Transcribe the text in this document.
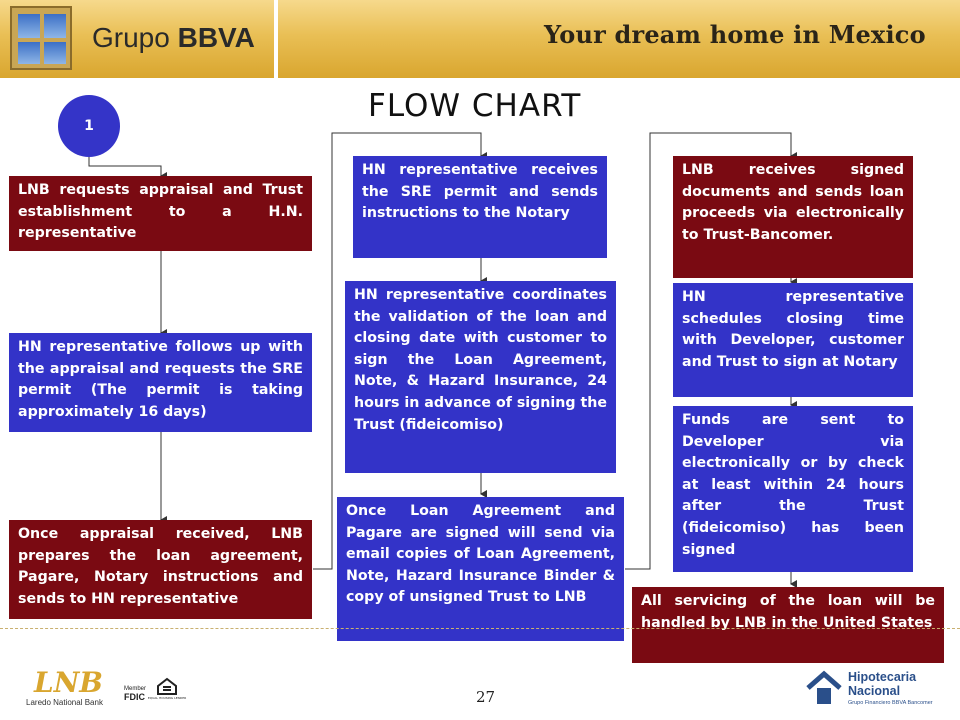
Grupo BBVA	Your dream home in Mexico
FLOW CHART
1
LNB requests appraisal and Trust establishment to a H.N. representative
HN representative follows up with the appraisal and requests the SRE permit (The permit is taking approximately 16 days)
Once appraisal received, LNB prepares the loan agreement, Pagare, Notary instructions and sends to HN representative
HN representative receives the SRE permit and sends instructions to the Notary
HN representative coordinates the validation of the loan and closing date with customer to sign the Loan Agreement, Note, & Hazard Insurance, 24 hours in advance of signing the Trust (fideicomiso)
Once Loan Agreement and Pagare are signed will send via email copies of Loan Agreement, Note, Hazard Insurance Binder & copy of unsigned Trust to LNB
LNB receives signed documents and sends loan proceeds via electronically to Trust-Bancomer.
HN representative schedules closing time with Developer, customer and Trust to sign at Notary
Funds are sent to Developer via electronically or by check at least within 24 hours after the Trust (fideicomiso) has been signed
All servicing of the loan will be handled by LNB in the United States
LNB
Laredo National Bank
Member
FDIC EQUAL HOUSING LENDER	27
Hipotecaria Nacional
Grupo Financiero BBVA Bancomer
